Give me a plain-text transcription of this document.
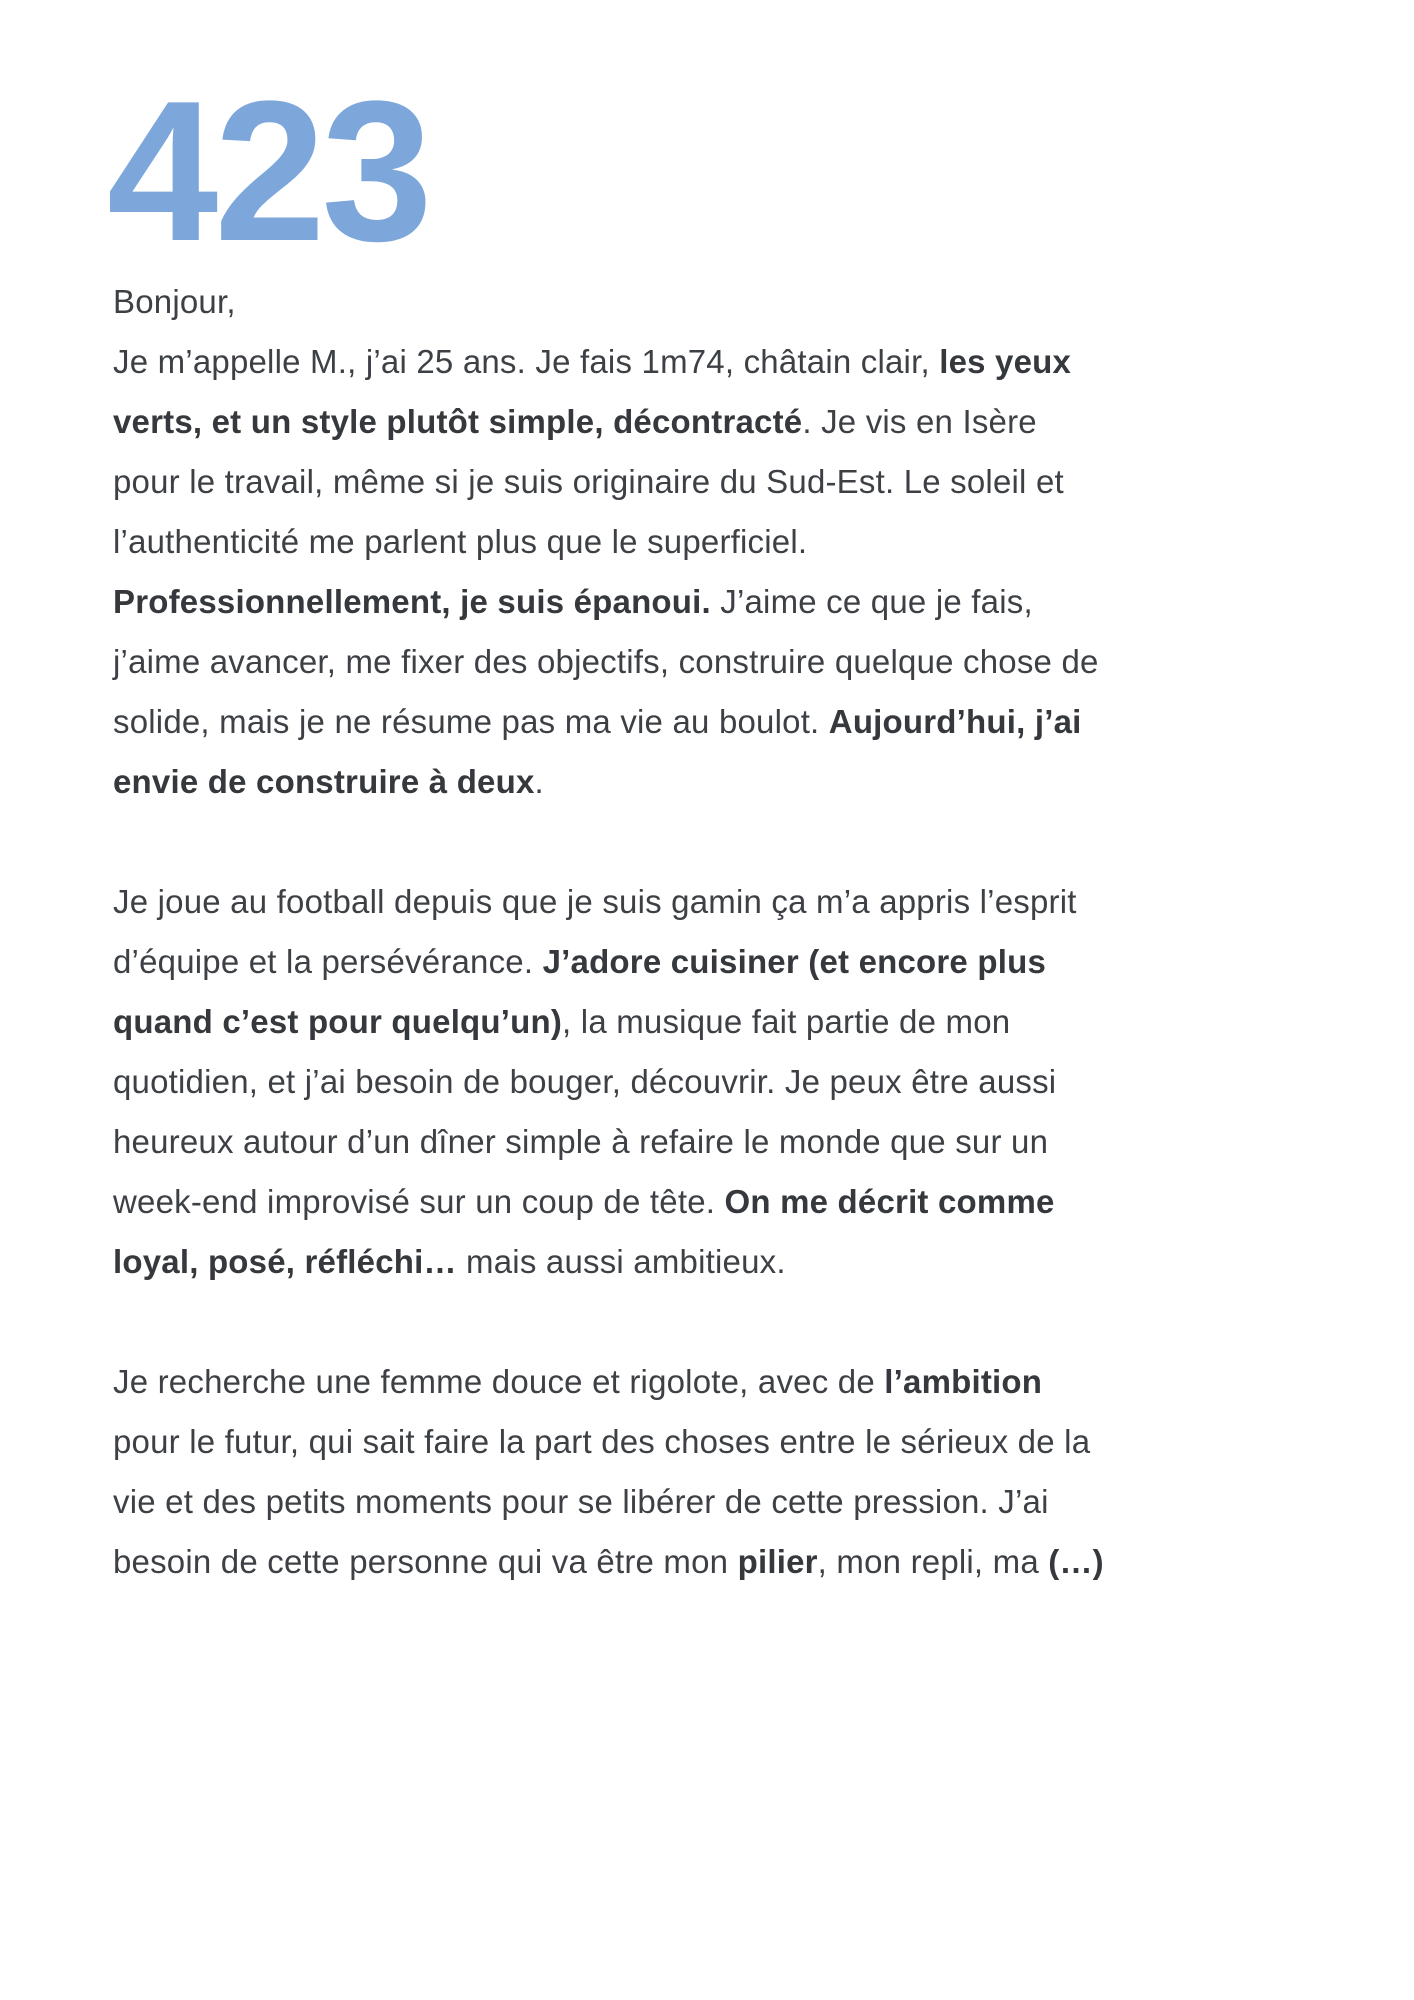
423
Bonjour,
Je m’appelle M., j’ai 25 ans. Je fais 1m74, châtain clair, les yeux verts, et un style plutôt simple, décontracté. Je vis en Isère pour le travail, même si je suis originaire du Sud-Est. Le soleil et l’authenticité me parlent plus que le superficiel.
Professionnellement, je suis épanoui. J’aime ce que je fais, j’aime avancer, me fixer des objectifs, construire quelque chose de solide, mais je ne résume pas ma vie au boulot. Aujourd’hui, j’ai envie de construire à deux.
Je joue au football depuis que je suis gamin ça m’a appris l’esprit d’équipe et la persévérance. J’adore cuisiner (et encore plus quand c’est pour quelqu’un), la musique fait partie de mon quotidien, et j’ai besoin de bouger, découvrir. Je peux être aussi heureux autour d’un dîner simple à refaire le monde que sur un week-end improvisé sur un coup de tête. On me décrit comme loyal, posé, réfléchi… mais aussi ambitieux.
Je recherche une femme douce et rigolote, avec de l’ambition pour le futur, qui sait faire la part des choses entre le sérieux de la vie et des petits moments pour se libérer de cette pression. J’ai besoin de cette personne qui va être mon pilier, mon repli, ma (…)
